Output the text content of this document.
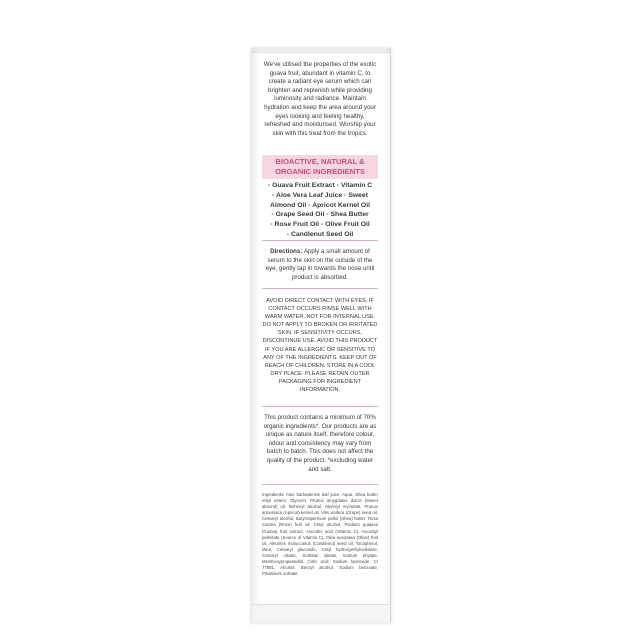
We've utilised the properties of the exotic guava fruit, abundant in vitamin C, to create a radiant eye serum which can brighten and replenish while providing luminosity and radiance. Maintain hydration and keep the area around your eyes looking and feeling healthy, refreshed and moisturised. Worship your skin with this treat from the tropics.
BIOACTIVE, NATURAL & ORGANIC INGREDIENTS
• Guava Fruit Extract • Vitamin C
• Aloe Vera Leaf Juice • Sweet Almond Oil • Apricot Kernel Oil
• Grape Seed Oil • Shea Butter
• Rose Fruit Oil • Olive Fruit Oil
• Candlenut Seed Oil
Directions: Apply a small amount of serum to the skin on the outside of the eye, gently tap in towards the nose until product is absorbed.
AVOID DIRECT CONTACT WITH EYES, IF CONTACT OCCURS RINSE WELL WITH WARM WATER. NOT FOR INTERNAL USE. DO NOT APPLY TO BROKEN OR IRRITATED SKIN. IF SENSITIVITY OCCURS, DISCONTINUE USE. AVOID THIS PRODUCT IF YOU ARE ALLERGIC OR SENSITIVE TO ANY OF THE INGREDIENTS. KEEP OUT OF REACH OF CHILDREN. STORE IN A COOL DRY PLACE. PLEASE RETAIN OUTER PACKAGING FOR INGREDIENT INFORMATION.
This product contains a minimum of 70% organic ingredients*. Our products are as unique as nature itself, therefore colour, odour and consistency may vary from batch to batch. This does not affect the quality of the product. *excluding water and salt.
Ingredients: Aloe barbadensis leaf juice, Aqua, Shea butter ethyl esters, Glycerin, Prunus amygdalus dulcis (Sweet almond) oil, Behenyl alcohol, Myristyl myristate, Prunus armeniaca (Apricot) kernel oil, Vitis vinifera (Grape) seed oil, Cetearyl alcohol, Butyrospermum parkii (Shea) butter, Rosa Canina (Rose) fruit oil, Cetyl alcohol, Psidium guajava (Guava) fruit extract, Ascorbic acid (Vitamin C), Ascorbyl palmitate (Source of Vitamin C), Olea europaea (Olive) fruit oil, Aleurites moluccanus (Candlenut) seed oil, Tocopherol, Mica, Cetearyl glucoside, Cetyl hydroxyethylcellulose, Cetearyl olivate, Sorbitan olivate, Sodium phytate, Menthoxypropanediol, Citric acid, Sodium hydroxide, CI 77891, Alcohol, Benzyl alcohol, Sodium benzoate, Potassium sorbate
